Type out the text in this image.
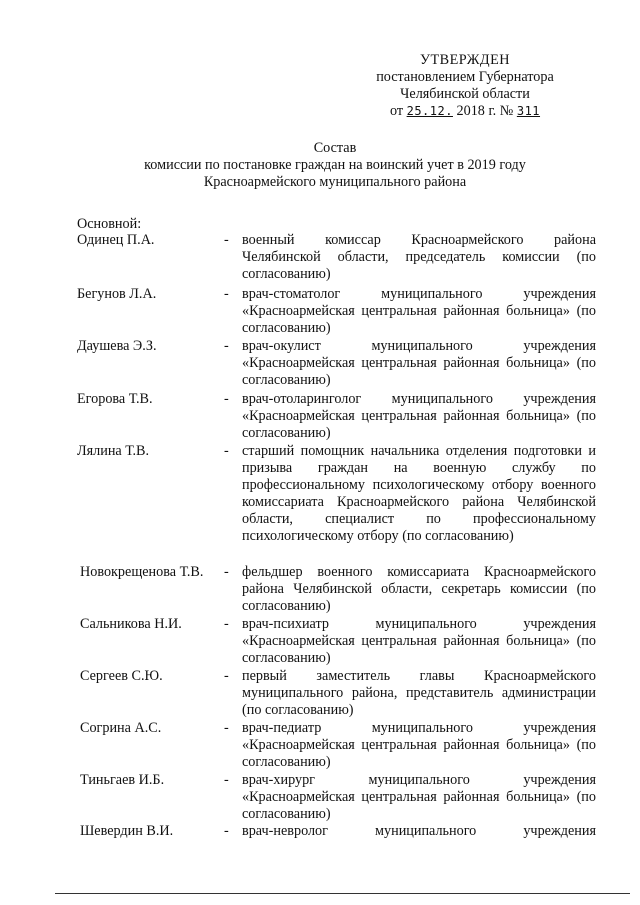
УТВЕРЖДЕН
постановлением Губернатора
Челябинской области
от 25.12. 2018 г. № 311
Состав
комиссии по постановке граждан на воинский учет в 2019 году
Красноармейского муниципального района
Основной:
Одинец П.А.	- военный комиссар Красноармейского района Челябинской области, председатель комиссии (по согласованию)
Бегунов Л.А.	- врач-стоматолог муниципального учреждения «Красноармейская центральная районная больница» (по согласованию)
Даушева Э.З.	- врач-окулист муниципального учреждения «Красноармейская центральная районная больница» (по согласованию)
Егорова Т.В.	- врач-отоларинголог муниципального учреждения «Красноармейская центральная районная больница» (по согласованию)
Лялина Т.В.	- старший помощник начальника отделения подготовки и призыва граждан на военную службу по профессиональному психологическому отбору военного комиссариата Красноармейского района Челябинской области, специалист по профессиональному психологическому отбору (по согласованию)
Новокрещенова Т.В. - фельдшер военного комиссариата Красноармейского района Челябинской области, секретарь комиссии (по согласованию)
Сальникова Н.И.	- врач-психиатр муниципального учреждения «Красноармейская центральная районная больница» (по согласованию)
Сергеев С.Ю.	- первый заместитель главы Красноармейского муниципального района, представитель администрации (по согласованию)
Согрина А.С.	- врач-педиатр муниципального учреждения «Красноармейская центральная районная больница» (по согласованию)
Тиньгаев И.Б.	- врач-хирург муниципального учреждения «Красноармейская центральная районная больница» (по согласованию)
Шевердин В.И.	- врач-невролог муниципального учреждения
